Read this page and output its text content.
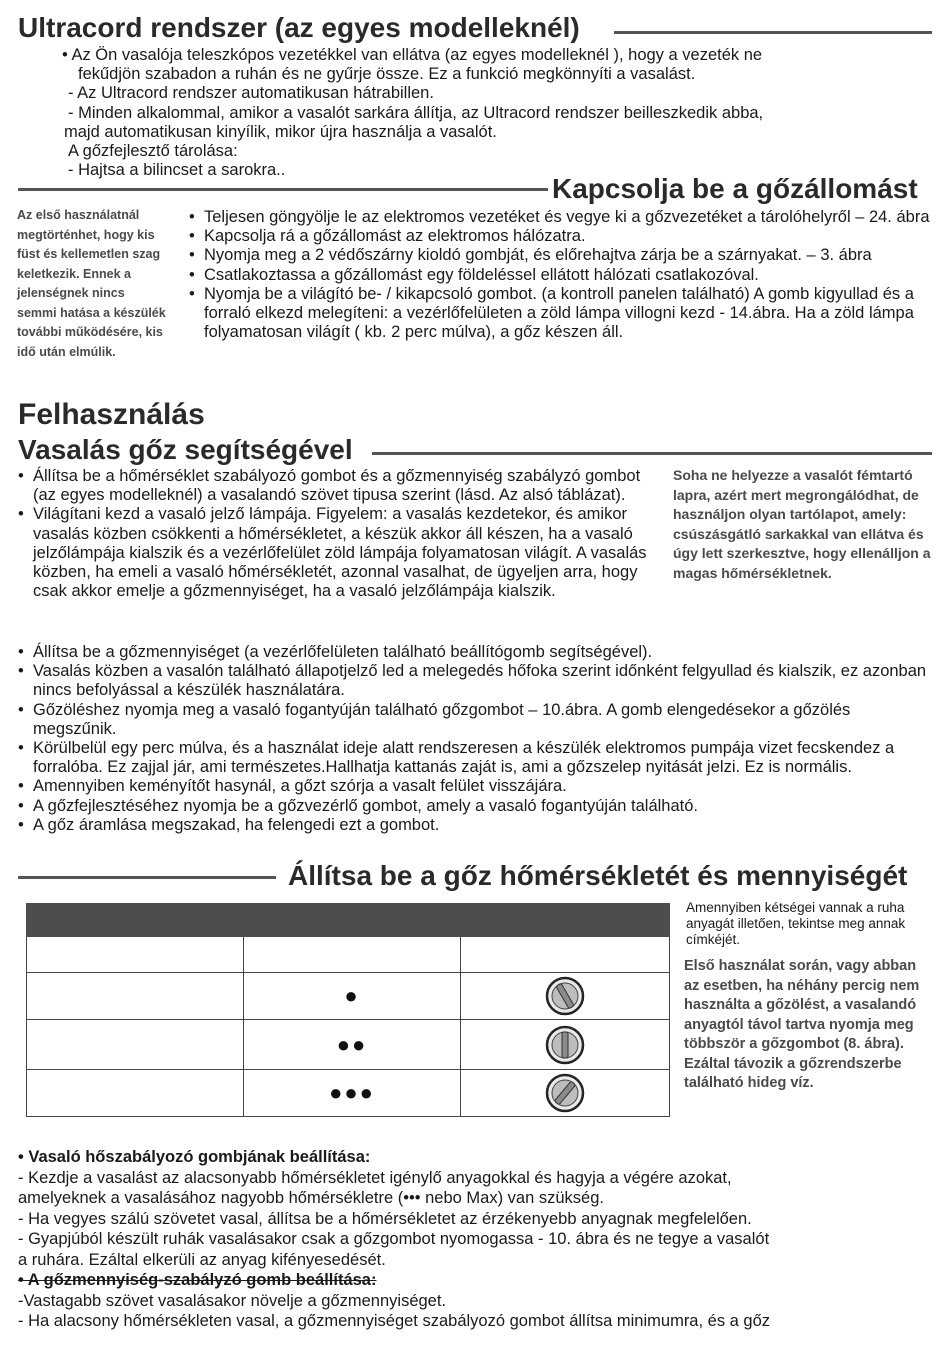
Ultracord rendszer (az egyes modelleknél)

• Az Ön vasalója teleszkópos vezetékkel van ellátva (az egyes modelleknél ), hogy a vezeték ne

fekűdjön szabadon a ruhán és ne gyűrje össze. Ez a funkció megkönnyíti a vasalást.

- Az Ultracord rendszer automatikusan hátrabillen.

- Minden alkalommal, amikor a vasalót sarkára állítja, az Ultracord rendszer beilleszkedik abba,

majd automatikusan kinyílik, mikor újra használja a vasalót.

A gőzfejlesztő tárolása:

- Hajtsa a bilincset a sarokra..

Kapcsolja be a gőzállomást
Az első használatnál megtörténhet, hogy kis füst és kellemetlen szag keletkezik. Ennek a jelenségnek nincs semmi hatása a készülék további működésére, kis idő után elmúlik.

• Teljesen göngyölje le az elektromos vezetéket és vegye ki a gőzvezetéket a tárolóhelyről – 24. ábra

• Kapcsolja rá a gőzállomást az elektromos hálózatra.

• Nyomja meg a 2 védőszárny kioldó gombját, és előrehajtva zárja be a szárnyakat. – 3. ábra

• Csatlakoztassa a gőzállomást egy földeléssel ellátott hálózati csatlakozóval.

• Nyomja be a világító be- / kikapcsoló gombot. (a kontroll panelen található) A gomb kigyullad és a forraló elkezd melegíteni: a vezérlőfelületen a zöld lámpa villogni kezd - 14.ábra. Ha a zöld lámpa folyamatosan világít ( kb. 2 perc múlva), a gőz készen áll.

Felhasználás
Vasalás gőz segítségével

• Állítsa be a hőmérséklet szabályozó gombot és a gőzmennyiség szabályzó gombot (az egyes modelleknél) a vasalandó szövet tipusa szerint (lásd. Az alsó táblázat).

• Világítani kezd a vasaló jelző lámpája. Figyelem: a vasalás kezdetekor, és amikor vasalás közben csökkenti a hőmérsékletet, a készük akkor áll készen, ha a vasaló jelzőlámpája kialszik és a vezérlőfelület zöld lámpája folyamatosan világít. A vasalás közben, ha emeli a vasaló hőmérsékletét, azonnal vasalhat, de ügyeljen arra, hogy csak akkor emelje a gőzmennyiséget, ha a vasaló jelzőlámpája kialszik.

Soha ne helyezze a vasalót fémtartó lapra, azért mert megrongálódhat, de használjon olyan tartólapot, amely: csúszásgátló sarkakkal van ellátva és úgy lett szerkesztve, hogy ellenálljon a magas hőmérsékletnek.

• Állítsa be a gőzmennyiséget (a vezérlőfelületen található beállítógomb segítségével).

• Vasalás közben a vasalón található állapotjelző led a melegedés hőfoka szerint időnként felgyullad és kialszik, ez azonban nincs befolyással a készülék használatára.

• Gőzöléshez nyomja meg a vasaló fogantyúján található gőzgombot – 10.ábra. A gomb elengedésekor a gőzölés megszűnik.

• Körülbelül egy perc múlva, és a használat ideje alatt rendszeresen a készülék elektromos pumpája vizet fecskendez a forralóba. Ez zajjal jár, ami természetes.Hallhatja kattanás zaját is, ami a gőzszelep nyitását jelzi. Ez is normális.

• Amennyiben keményítőt hasynál, a gőzt szórja a vasalt felület visszájára.

• A gőzfejlesztéséhez nyomja be a gőzvezérlő gombot, amely a vasaló fogantyúján található.

• A gőz áramlása megszakad, ha felengedi ezt a gombot.

Állítsa be a gőz hőmérsékletét és mennyiségét

	●	

	●●	

	●●●	
Amennyiben kétségei vannak a ruha anyagát illetően, tekintse meg annak címkéjét.
Első használat során, vagy abban az esetben, ha néhány percig nem használta a gőzölést, a vasalandó anyagtól távol tartva nyomja meg többször a gőzgombot (8. ábra). Ezáltal távozik a gőzrendszerbe található hideg víz.

• Vasaló hőszabályozó gombjának beállítása:

- Kezdje a vasalást az alacsonyabb hőmérsékletet igénylő anyagokkal és hagyja a végére azokat,

amelyeknek a vasalásához nagyobb hőmérsékletre (••• nebo Max) van szükség.

- Ha vegyes szálú szövetet vasal, állítsa be a hőmérsékletet az érzékenyebb anyagnak megfelelően.

- Gyapjúból készült ruhák vasalásakor csak a gőzgombot nyomogassa - 10. ábra és ne tegye a vasalót

a ruhára. Ezáltal elkerüli az anyag kifényesedését.

• A gőzmennyiség-szabályzó gomb beállítása:

-Vastagabb szövet vasalásakor növelje a gőzmennyiséget.

- Ha alacsony hőmérsékleten vasal, a gőzmennyiséget szabályozó gombot állítsa minimumra, és a gőz
